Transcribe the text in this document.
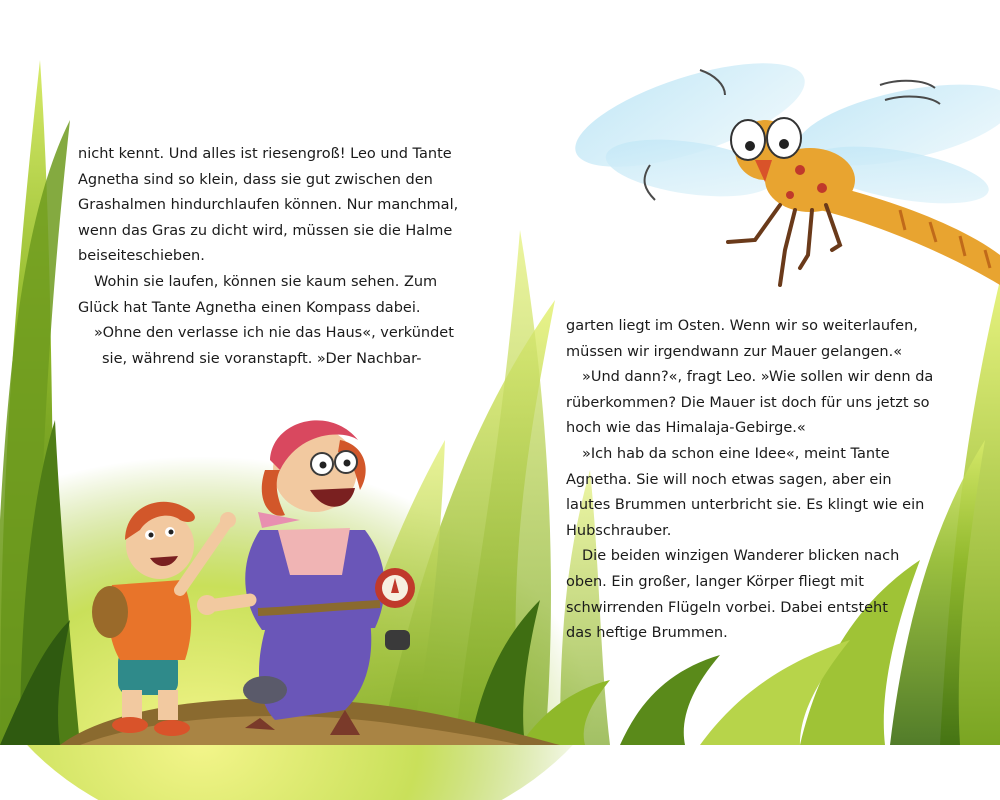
nicht kennt. Und alles ist riesengroß! Leo und Tante
Agnetha sind so klein, dass sie gut zwischen den
Grashalmen hindurchlaufen können. Nur manchmal,
wenn das Gras zu dicht wird, müssen sie die Halme
beiseiteschieben.
Wohin sie laufen, können sie kaum sehen. Zum
Glück hat Tante Agnetha einen Kompass dabei.
»Ohne den verlasse ich nie das Haus«, verkündet
sie, während sie voranstapft. »Der Nachbar-
garten liegt im Osten. Wenn wir so weiterlaufen,
müssen wir irgendwann zur Mauer gelangen.«
»Und dann?«, fragt Leo. »Wie sollen wir denn da
rüberkommen? Die Mauer ist doch für uns jetzt so
hoch wie das Himalaja-Gebirge.«
»Ich hab da schon eine Idee«, meint Tante
Agnetha. Sie will noch etwas sagen, aber ein
lautes Brummen unterbricht sie. Es klingt wie ein
Hubschrauber.
Die beiden winzigen Wanderer blicken nach
oben. Ein großer, langer Körper fliegt mit
schwirrenden Flügeln vorbei. Dabei entsteht
das heftige Brummen.
